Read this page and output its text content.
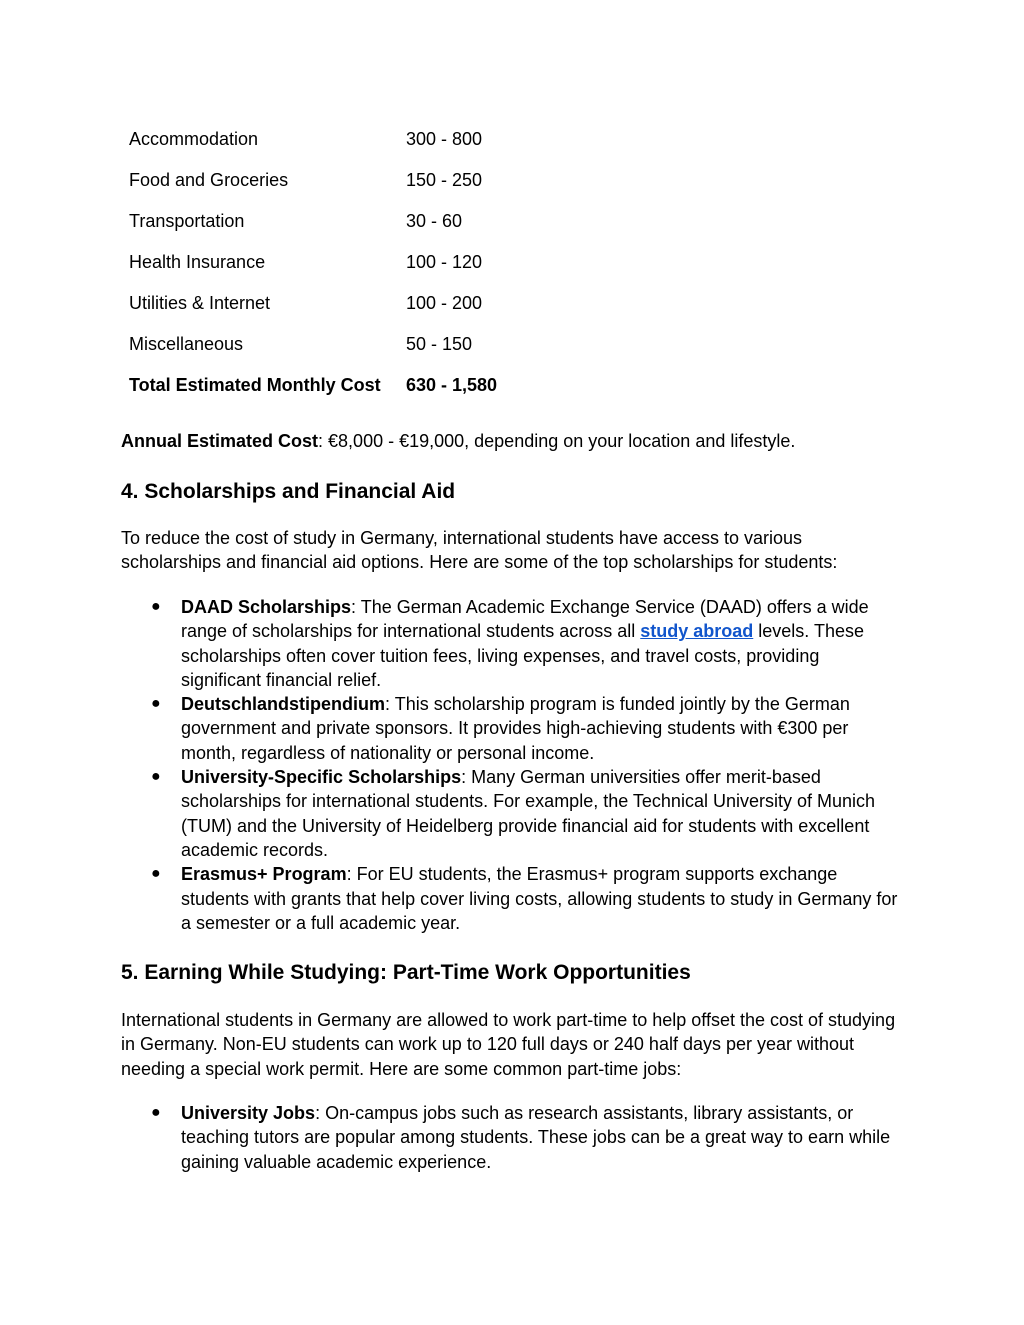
Accommodation	300 - 800
Food and Groceries	150 - 250
Transportation	30 - 60
Health Insurance	100 - 120
Utilities & Internet	100 - 200
Miscellaneous	50 - 150
Total Estimated Monthly Cost	630 - 1,580

Annual Estimated Cost: €8,000 - €19,000, depending on your location and lifestyle.

4. Scholarships and Financial Aid

To reduce the cost of study in Germany, international students have access to various scholarships and financial aid options. Here are some of the top scholarships for students:

● DAAD Scholarships: The German Academic Exchange Service (DAAD) offers a wide range of scholarships for international students across all study abroad levels. These scholarships often cover tuition fees, living expenses, and travel costs, providing significant financial relief.
● Deutschlandstipendium: This scholarship program is funded jointly by the German government and private sponsors. It provides high-achieving students with €300 per month, regardless of nationality or personal income.
● University-Specific Scholarships: Many German universities offer merit-based scholarships for international students. For example, the Technical University of Munich (TUM) and the University of Heidelberg provide financial aid for students with excellent academic records.
● Erasmus+ Program: For EU students, the Erasmus+ program supports exchange students with grants that help cover living costs, allowing students to study in Germany for a semester or a full academic year.
5. Earning While Studying: Part-Time Work Opportunities

International students in Germany are allowed to work part-time to help offset the cost of studying in Germany. Non-EU students can work up to 120 full days or 240 half days per year without needing a special work permit. Here are some common part-time jobs:

● University Jobs: On-campus jobs such as research assistants, library assistants, or teaching tutors are popular among students. These jobs can be a great way to earn while gaining valuable academic experience.
